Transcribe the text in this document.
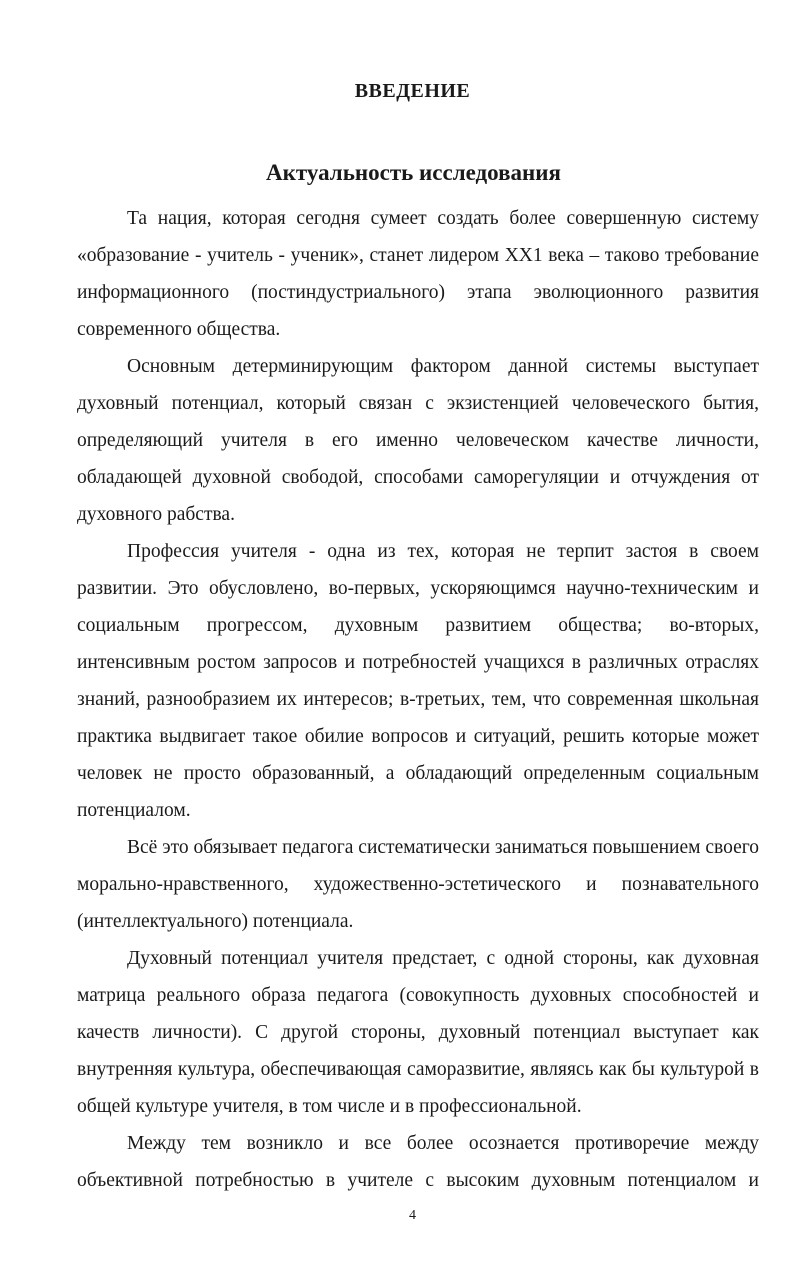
ВВЕДЕНИЕ
Актуальность исследования

Та нация, которая сегодня сумеет создать более совершенную систему «образование - учитель - ученик», станет лидером XX1 века – таково требование информационного (постиндустриального) этапа эволюционного развития современного общества.

Основным детерминирующим фактором данной системы выступает духовный потенциал, который связан с экзистенцией человеческого бытия, определяющий учителя в его именно человеческом качестве личности, обладающей духовной свободой, способами саморегуляции и отчуждения от духовного рабства.

Профессия учителя - одна из тех, которая не терпит застоя в своем развитии. Это обусловлено, во-первых, ускоряющимся научно-техническим и социальным прогрессом, духовным развитием общества; во-вторых, интенсивным ростом запросов и потребностей учащихся в различных отраслях знаний, разнообразием их интересов; в-третьих, тем, что современная школьная практика выдвигает такое обилие вопросов и ситуаций, решить которые может человек не просто образованный, а обладающий определенным социальным потенциалом.

Всё это обязывает педагога систематически заниматься повышением своего морально-нравственного, художественно-эстетического и познавательного (интеллектуального) потенциала.

Духовный потенциал учителя предстает, с одной стороны, как духовная матрица реального образа педагога (совокупность духовных способностей и качеств личности). С другой стороны, духовный потенциал выступает как внутренняя культура, обеспечивающая саморазвитие, являясь как бы культурой в общей культуре учителя, в том числе и в профессиональной.

Между тем возникло и все более осознается противоречие между объективной потребностью в учителе с высоким духовным потенциалом и

4
